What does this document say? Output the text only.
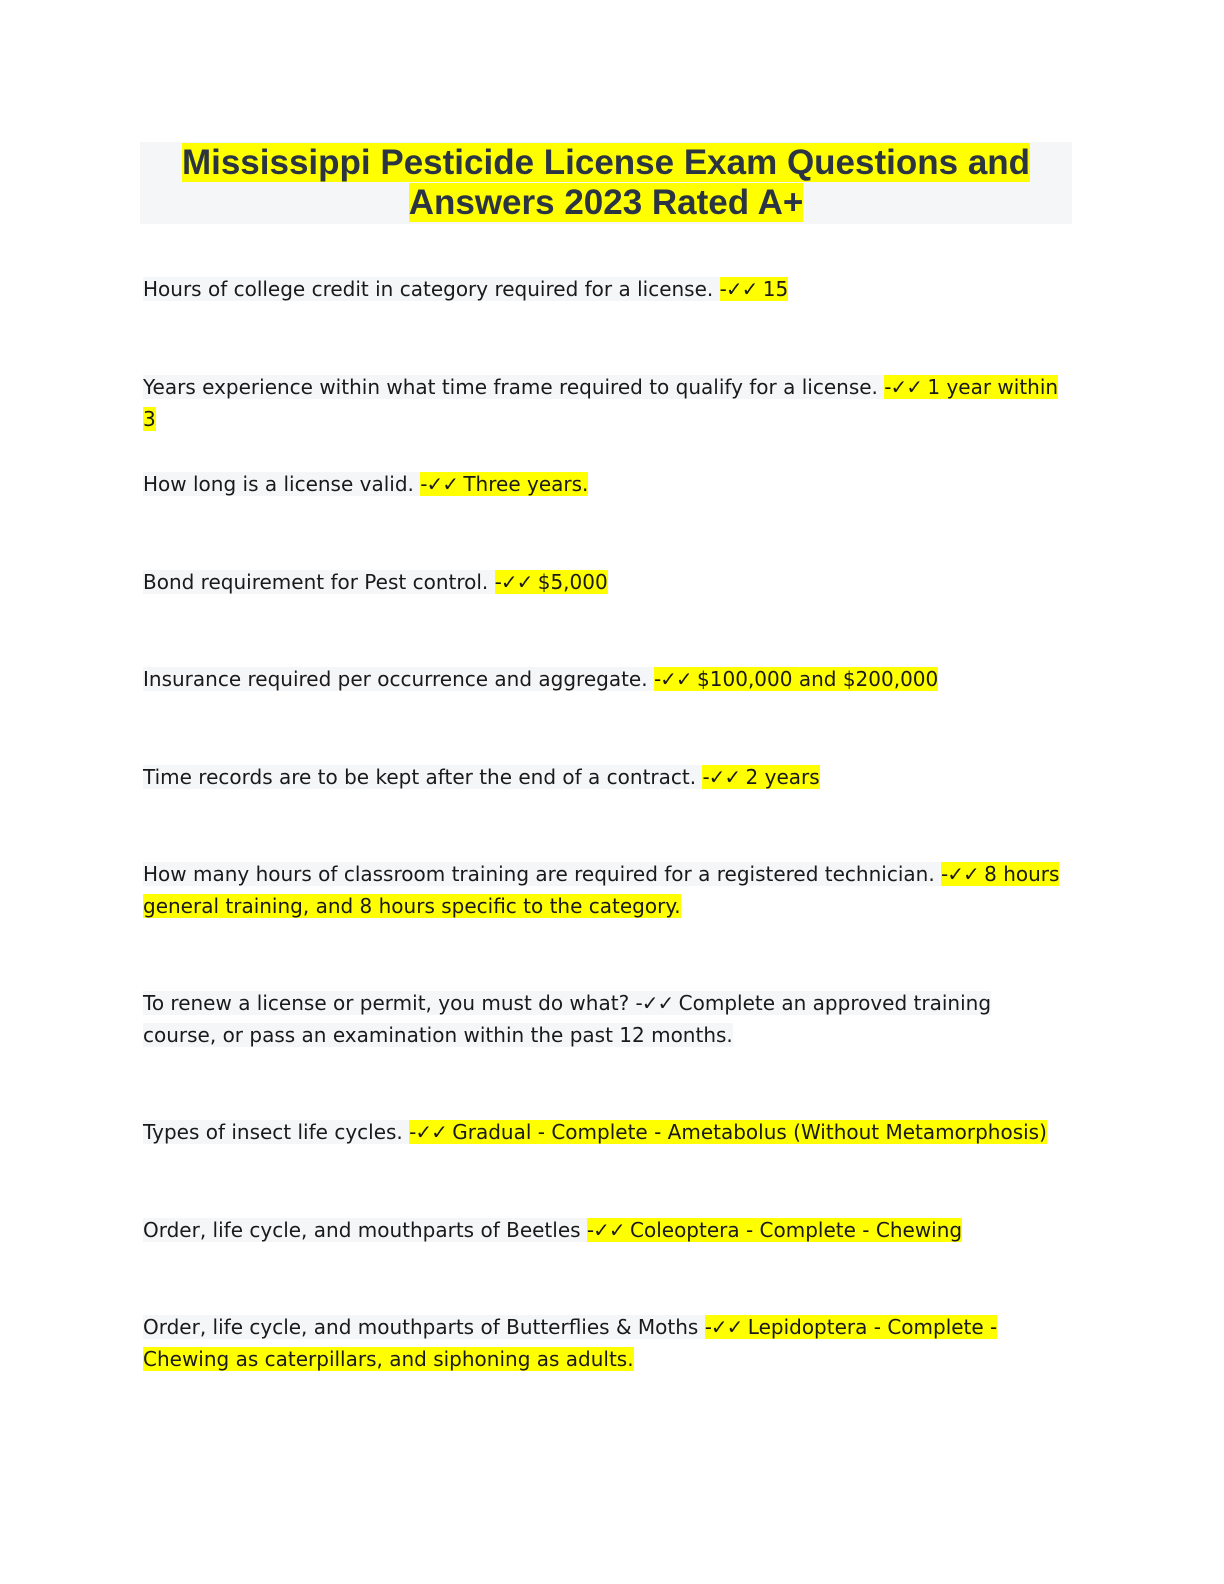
Mississippi Pesticide License Exam Questions and
Answers 2023 Rated A+
Hours of college credit in category required for a license. -✓✓ 15
Years experience within what time frame required to qualify for a license. -✓✓ 1 year within 3
How long is a license valid. -✓✓ Three years.
Bond requirement for Pest control. -✓✓ $5,000
Insurance required per occurrence and aggregate. -✓✓ $100,000 and $200,000
Time records are to be kept after the end of a contract. -✓✓ 2 years
How many hours of classroom training are required for a registered technician. -✓✓ 8 hours general training, and 8 hours specific to the category.
To renew a license or permit, you must do what? -✓✓ Complete an approved training course, or pass an examination within the past 12 months.
Types of insect life cycles. -✓✓ Gradual - Complete - Ametabolus (Without Metamorphosis)
Order, life cycle, and mouthparts of Beetles -✓✓ Coleoptera - Complete - Chewing
Order, life cycle, and mouthparts of Butterflies & Moths -✓✓ Lepidoptera - Complete - Chewing as caterpillars, and siphoning as adults.
